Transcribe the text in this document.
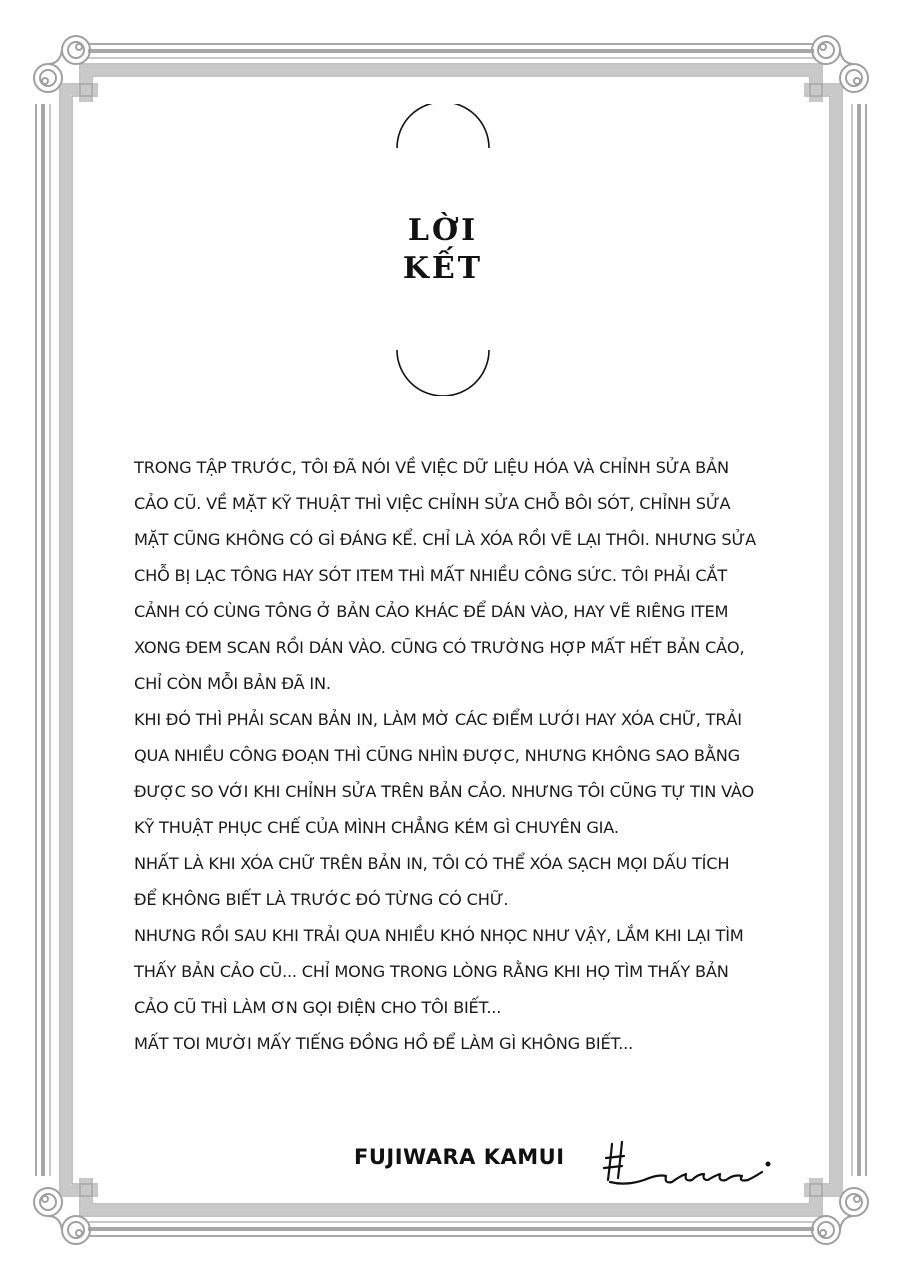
LỜI
KẾT
TRONG TẬP TRƯỚC, TÔI ĐÃ NÓI VỀ VIỆC DỮ LIỆU HÓA VÀ CHỈNH SỬA BẢN
CẢO CŨ. VỀ MẶT KỸ THUẬT THÌ VIỆC CHỈNH SỬA CHỖ BÔI SÓT, CHỈNH SỬA
MẶT CŨNG KHÔNG CÓ GÌ ĐÁNG KỂ. CHỈ LÀ XÓA RỒI VẼ LẠI THÔI. NHƯNG SỬA
CHỖ BỊ LẠC TÔNG HAY SÓT ITEM THÌ MẤT NHIỀU CÔNG SỨC. TÔI PHẢI CẮT
CẢNH CÓ CÙNG TÔNG Ở BẢN CẢO KHÁC ĐỂ DÁN VÀO, HAY VẼ RIÊNG ITEM
XONG ĐEM SCAN RỒI DÁN VÀO. CŨNG CÓ TRƯỜNG HỢP MẤT HẾT BẢN CẢO,
CHỈ CÒN MỖI BẢN ĐÃ IN.
KHI ĐÓ THÌ PHẢI SCAN BẢN IN, LÀM MỜ CÁC ĐIỂM LƯỚI HAY XÓA CHỮ, TRẢI
QUA NHIỀU CÔNG ĐOẠN THÌ CŨNG NHÌN ĐƯỢC, NHƯNG KHÔNG SAO BẰNG
ĐƯỢC SO VỚI KHI CHỈNH SỬA TRÊN BẢN CẢO. NHƯNG TÔI CŨNG TỰ TIN VÀO
KỸ THUẬT PHỤC CHẾ CỦA MÌNH CHẲNG KÉM GÌ CHUYÊN GIA.
NHẤT LÀ KHI XÓA CHỮ TRÊN BẢN IN, TÔI CÓ THỂ XÓA SẠCH MỌI DẤU TÍCH
ĐỂ KHÔNG BIẾT LÀ TRƯỚC ĐÓ TỪNG CÓ CHỮ.
NHƯNG RỒI SAU KHI TRẢI QUA NHIỀU KHÓ NHỌC NHƯ VẬY, LẮM KHI LẠI TÌM
THẤY BẢN CẢO CŨ... CHỈ MONG TRONG LÒNG RẰNG KHI HỌ TÌM THẤY BẢN
CẢO CŨ THÌ LÀM ƠN GỌI ĐIỆN CHO TÔI BIẾT...
MẤT TOI MƯỜI MẤY TIẾNG ĐỒNG HỒ ĐỂ LÀM GÌ KHÔNG BIẾT...
FUJIWARA KAMUI
